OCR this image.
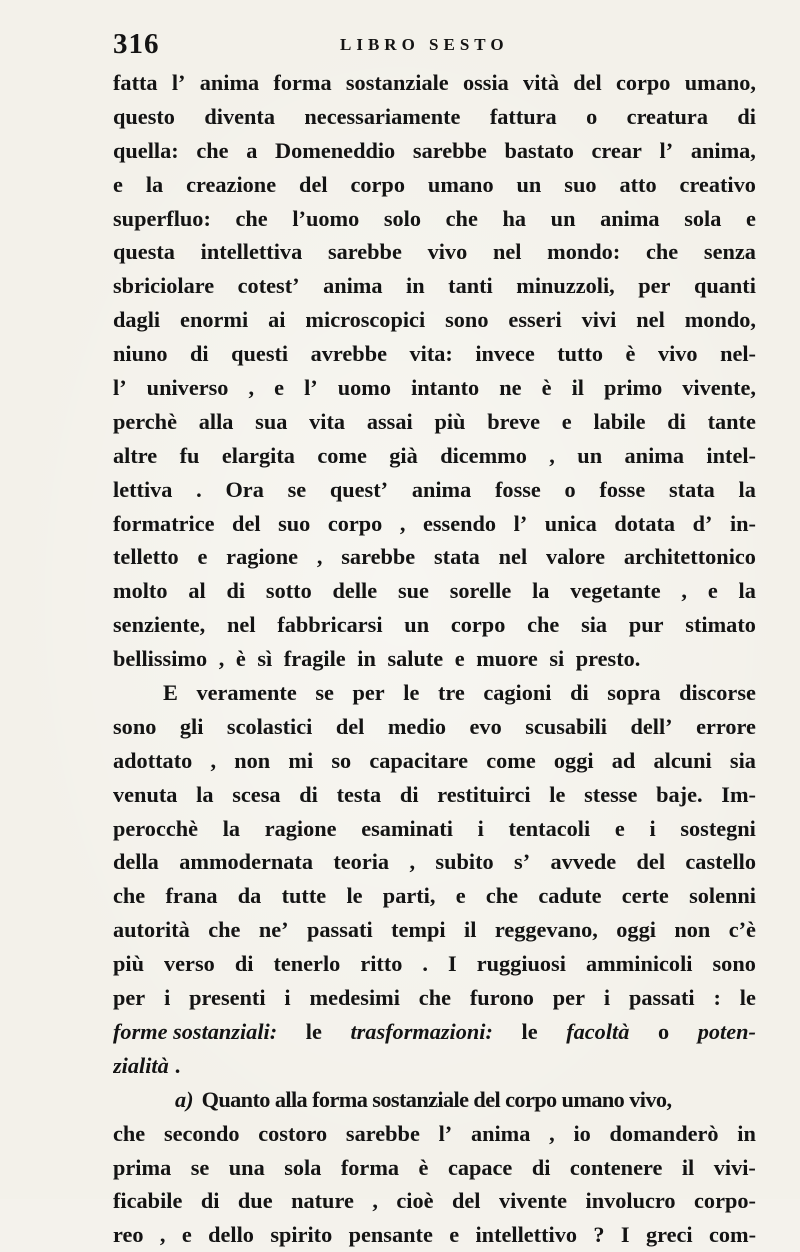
316	LIBRO SESTO
fatta l’ anima forma sostanziale ossia vità del corpo umano,
questo diventa necessariamente fattura o creatura di
quella: che a Domeneddio sarebbe bastato crear l’ anima,
e la creazione del corpo umano un suo atto creativo
superfluo: che l’uomo solo che ha un anima sola e
questa intellettiva sarebbe vivo nel mondo: che senza
sbriciolare cotest’ anima in tanti minuzzoli, per quanti
dagli enormi ai microscopici sono esseri vivi nel mondo,
niuno di questi avrebbe vita: invece tutto è vivo nel-
l’ universo , e l’ uomo intanto ne è il primo vivente,
perchè alla sua vita assai più breve e labile di tante
altre fu elargita come già dicemmo , un anima intel-
lettiva . Ora se quest’ anima fosse o fosse stata la
formatrice del suo corpo , essendo l’ unica dotata d’ in-
telletto e ragione , sarebbe stata nel valore architettonico
molto al di sotto delle sue sorelle la vegetante , e la
senziente, nel fabbricarsi un corpo che sia pur stimato
bellissimo , è sì fragile in salute e muore si presto.
E veramente se per le tre cagioni di sopra discorse
sono gli scolastici del medio evo scusabili dell’ errore
adottato , non mi so capacitare come oggi ad alcuni sia
venuta la scesa di testa di restituirci le stesse baje. Im-
perocchè la ragione esaminati i tentacoli e i sostegni
della ammodernata teoria , subito s’ avvede del castello
che frana da tutte le parti, e che cadute certe solenni
autorità che ne’ passati tempi il reggevano, oggi non c’è
più verso di tenerlo ritto . I ruggiuosi amminicoli sono
per i presenti i medesimi che furono per i passati : le
forme sostanziali: le trasformazioni: le facoltà o poten-
zialità .
a) Quanto alla forma sostanziale del corpo umano vivo,
che secondo costoro sarebbe l’ anima , io domanderò in
prima se una sola forma è capace di contenere il vivi-
ficabile di due nature , cioè del vivente involucro corpo-
reo , e dello spirito pensante e intellettivo ? I greci com-
